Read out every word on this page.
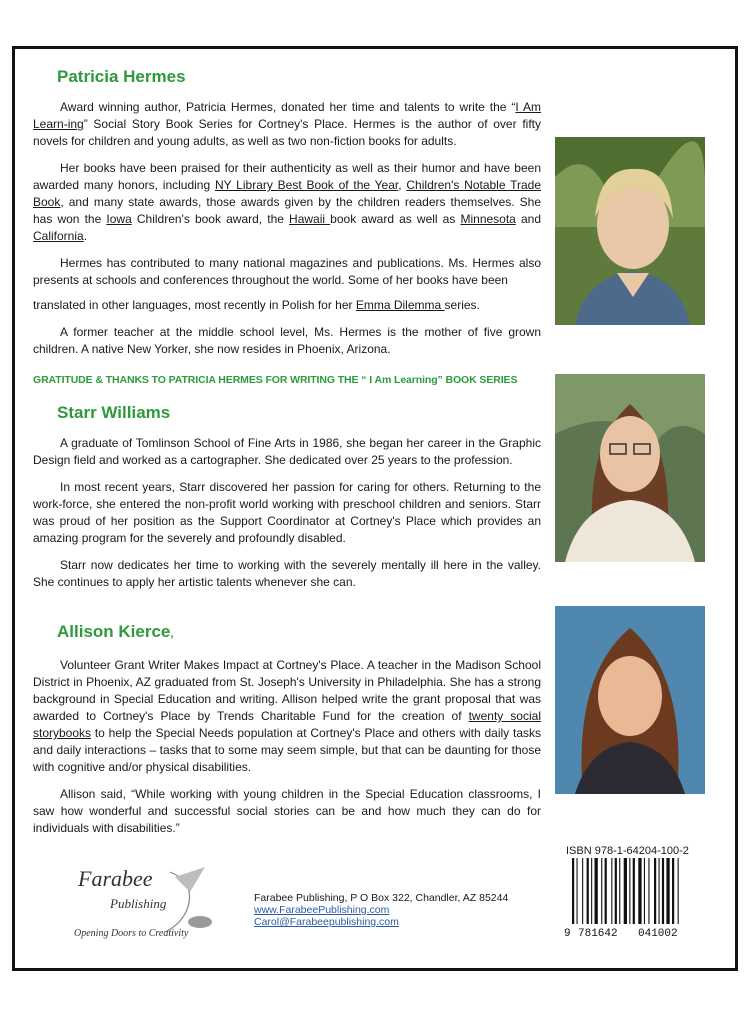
Patricia Hermes

Award winning author, Patricia Hermes, donated her time and talents to write the “I Am Learn-ing” Social Story Book Series for Cortney's Place. Hermes is the author of over fifty novels for children and young adults, as well as two non-fiction books for adults.

Her books have been praised for their authenticity as well as their humor and have been awarded many honors, including NY Library Best Book of the Year, Children's Notable Trade Book, and many state awards, those awards given by the children readers themselves. She has won the Iowa Children's book award, the Hawaii book award as well as Minnesota and California.

Hermes has contributed to many national magazines and publications. Ms. Hermes also presents at schools and conferences throughout the world. Some of her books have been

translated in other languages, most recently in Polish for her Emma Dilemma series.

A former teacher at the middle school level, Ms. Hermes is the mother of five grown children. A native New Yorker, she now resides in Phoenix, Arizona.

GRATITUDE & THANKS TO PATRICIA HERMES FOR WRITING THE “ I Am Learning” BOOK SERIES
Starr Williams

A graduate of Tomlinson School of Fine Arts in 1986, she began her career in the Graphic Design field and worked as a cartographer. She dedicated over 25 years to the profession.

In most recent years, Starr discovered her passion for caring for others. Returning to the work-force, she entered the non-profit world working with preschool children and seniors. Starr was proud of her position as the Support Coordinator at Cortney's Place which provides an amazing program for the severely and profoundly disabled.

Starr now dedicates her time to working with the severely mentally ill here in the valley. She continues to apply her artistic talents whenever she can.

Allison Kierce,

Volunteer Grant Writer Makes Impact at Cortney's Place. A teacher in the Madison School District in Phoenix, AZ graduated from St. Joseph's University in Philadelphia. She has a strong background in Special Education and writing. Allison helped write the grant proposal that was awarded to Cortney's Place by Trends Charitable Fund for the creation of twenty social storybooks to help the Special Needs population at Cortney's Place and others with daily tasks and daily interactions – tasks that to some may seem simple, but that can be daunting for those with cognitive and/or physical disabilities.

Allison said, “While working with young children in the Special Education classrooms, I saw how wonderful and successful social stories can be and how much they can do for individuals with disabilities.”

Farabee
Publishing
Opening Doors to Creativity
Farabee Publishing, P O Box 322, Chandler, AZ 85244
www.FarabeePublishing.com
Carol@Farabeepublishing.com
ISBN 978-1-64204-100-2
9 781642 041002
